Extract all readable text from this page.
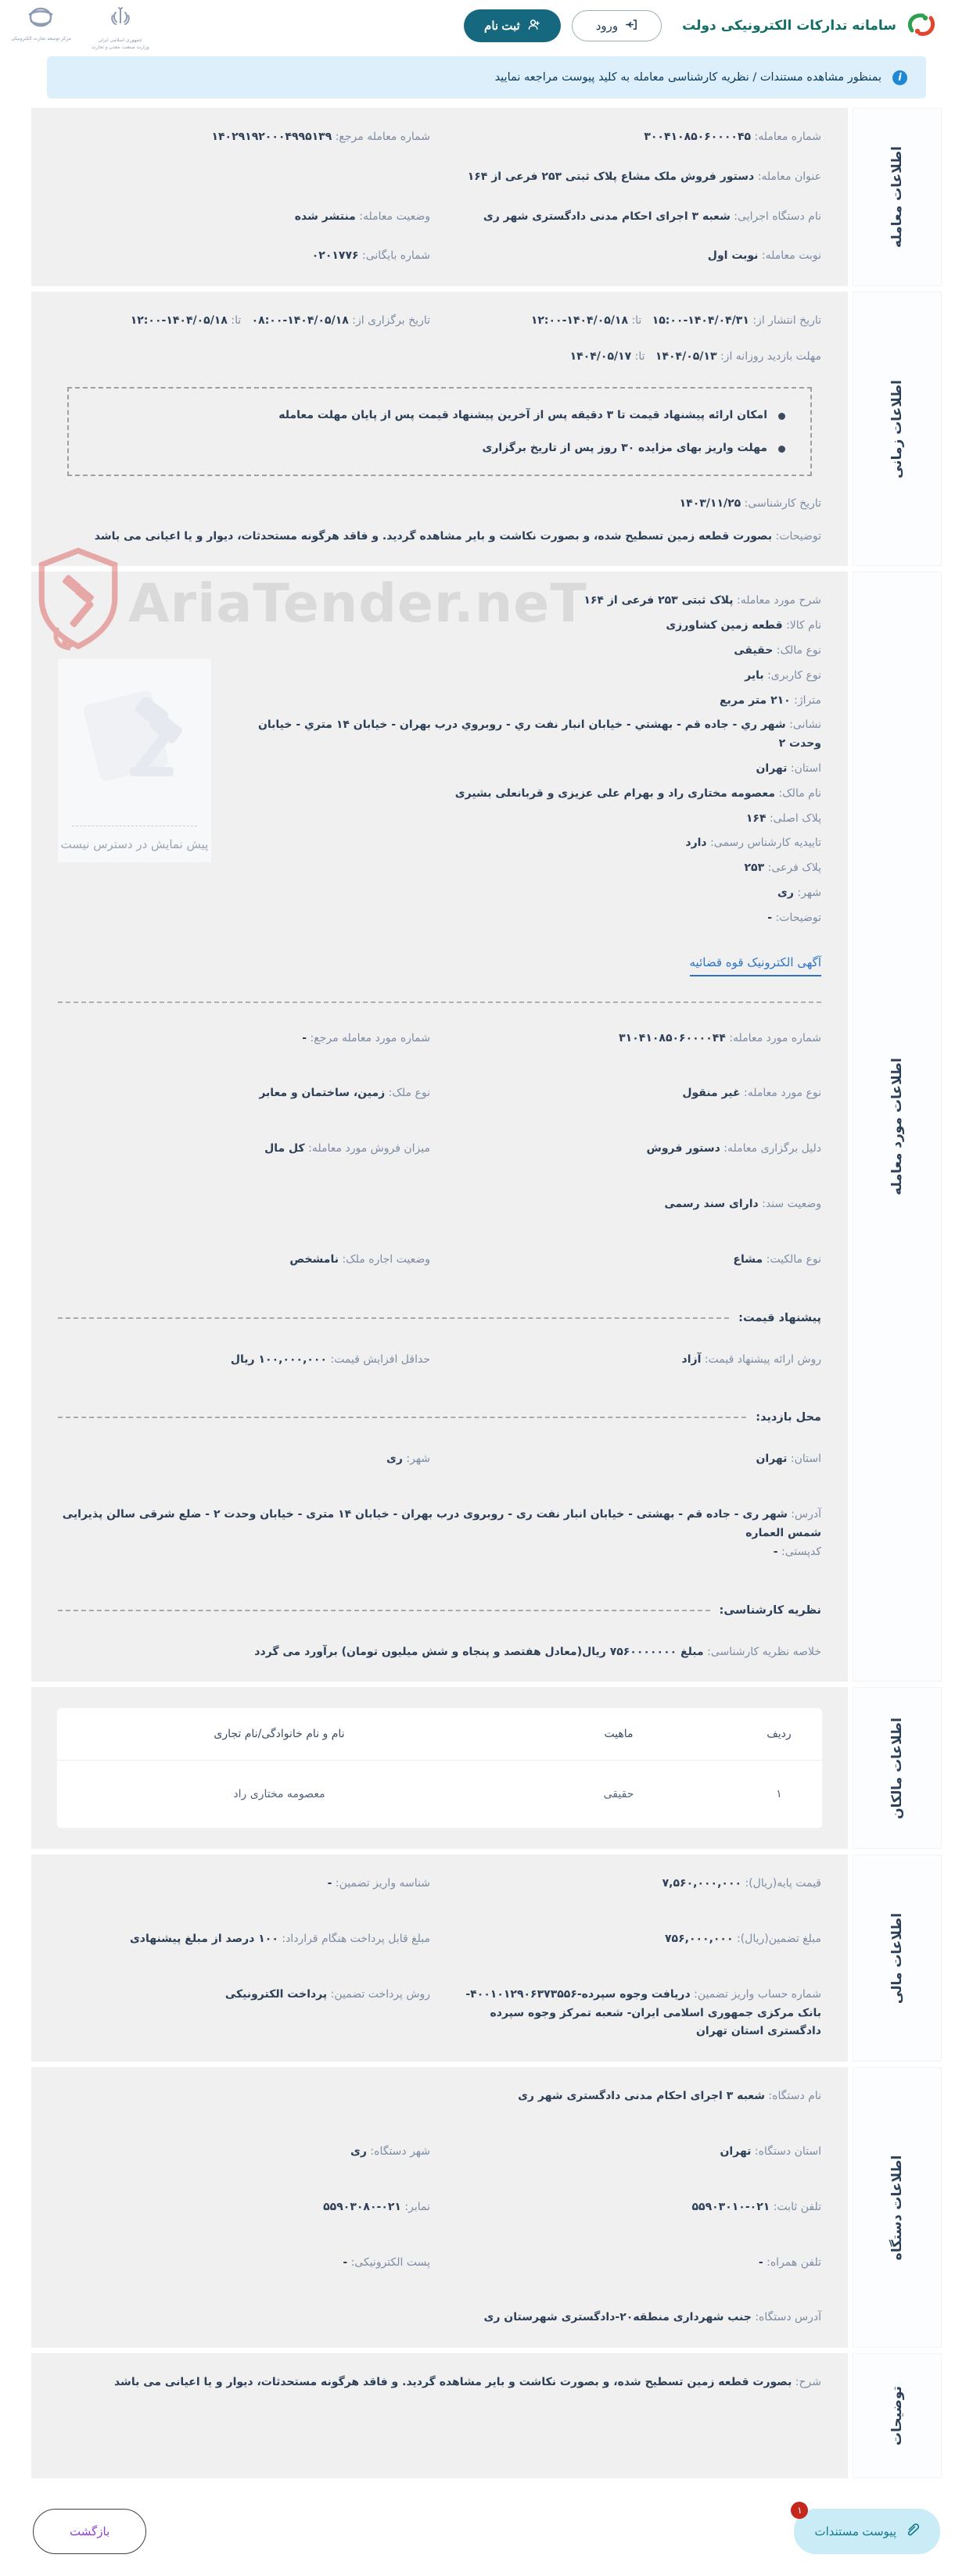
سامانه تدارکات الکترونیکی دولت
ورود
ثبت نام
جمهوری اسلامی ایران
وزارت صنعت، معدن و تجارت
مرکز توسعه تجارت الکترونیکی
i
بمنظور مشاهده مستندات / نظریه کارشناسی معامله به کلید پیوست مراجعه نمایید
اطلاعات معامله
شماره معامله: ۳۰۰۴۱۰۸۵۰۶۰۰۰۰۴۵
شماره معامله مرجع: ۱۴۰۲۹۱۹۲۰۰۰۴۹۹۵۱۳۹
عنوان معامله: دستور فروش ملک مشاع پلاک ثبتی ۲۵۳ فرعی از ۱۶۴
نام دستگاه اجرایی: شعبه ۳ اجرای احکام مدنی دادگستری شهر ری
وضعیت معامله: منتشر شده
نوبت معامله: نوبت اول
شماره بایگانی: ۰۲۰۱۷۷۶
اطلاعات زمانی
تاریخ انتشار از: ۱۴۰۴/۰۴/۳۱-۱۵:۰۰   تا: ۱۴۰۴/۰۵/۱۸-۱۲:۰۰
تاریخ برگزاری از: ۱۴۰۴/۰۵/۱۸-۰۸:۰۰   تا: ۱۴۰۴/۰۵/۱۸-۱۲:۰۰
مهلت بازدید روزانه از: ۱۴۰۴/۰۵/۱۳   تا: ۱۴۰۴/۰۵/۱۷
امکان ارائه پیشنهاد قیمت تا ۳ دقیقه پس از آخرین پیشنهاد قیمت پس از پایان مهلت معامله
مهلت واریز بهای مزایده ۳۰ روز پس از تاریخ برگزاری
تاریخ کارشناسی: ۱۴۰۳/۱۱/۲۵
توضیحات: بصورت قطعه زمین تسطیح شده، و بصورت نکاشت و بایر مشاهده گردید. و فاقد هرگونه مستحدثات، دیوار و یا اعیانی می باشد
اطلاعات مورد معامله
AriaTender.neT	شرح مورد معامله: پلاک ثبتی ۲۵۳ فرعی از ۱۶۴
نام کالا: قطعه زمین کشاورزی
نوع مالک: حقیقی
نوع کاربری: بایر
متراژ: ۲۱۰ متر مربع
نشانی: شهر ري - جاده قم - بهشتي - خيابان انبار نفت ري - روبروي درب بهران - خيابان ۱۴ متري - خيابان وحدت ۲
استان: تهران
نام مالک: معصومه مختاری راد و بهرام علی عزیزی و قربانعلی بشیری
پلاک اصلی: ۱۶۴
تاییدیه کارشناس رسمی: دارد
پلاک فرعی: ۲۵۳
شهر: ری
توضیحات: -
آگهی الکترونیک قوه قضائیه
پیش نمایش در دسترس نیست
شماره مورد معامله: ۳۱۰۴۱۰۸۵۰۶۰۰۰۰۴۴
شماره مورد معامله مرجع: -
نوع مورد معامله: غیر منقول
نوع ملک: زمین، ساختمان و معابر
دلیل برگزاری معامله: دستور فروش
میزان فروش مورد معامله: کل مال
وضعیت سند: دارای سند رسمی
نوع مالکیت: مشاع
وضعیت اجاره ملک: نامشخص
پیشنهاد قیمت:
روش ارائه پیشنهاد قیمت: آزاد
حداقل افزایش قیمت: ۱۰۰,۰۰۰,۰۰۰ ریال
محل بازدید:
استان: تهران
شهر: ری
آدرس: شهر ری - جاده قم - بهشتی - خیابان انبار نفت ری - روبروی درب بهران - خیابان ۱۴ متری - خیابان وحدت ۲ - ضلع شرقی سالن پذیرایی شمس العماره
کدپستی: -
نظریه کارشناسی:
خلاصه نظریه کارشناسی: مبلغ ۷۵۶۰۰۰۰۰۰۰ ریال(معادل هفتصد و پنجاه و شش میلیون تومان) برآورد می گردد
اطلاعات مالکان
ردیف
ماهیت
نام و نام خانوادگی/نام تجاری
۱
حقیقی
معصومه مختاری راد
اطلاعات مالی
قیمت پایه(ریال): ۷,۵۶۰,۰۰۰,۰۰۰
شناسه واریز تضمین: -
مبلغ تضمین(ریال): ۷۵۶,۰۰۰,۰۰۰
مبلغ قابل پرداخت هنگام قرارداد: ۱۰۰ درصد از مبلغ پیشنهادی
شماره حساب واریز تضمین: دریافت وجوه سپرده-۴۰۰۱۰۱۲۹۰۶۳۷۳۵۵۶- بانک مرکزی جمهوری اسلامی ایران- شعبه تمرکز وجوه سپرده دادگستری استان تهران
روش پرداخت تضمین: پرداخت الکترونیکی
اطلاعات دستگاه
نام دستگاه: شعبه ۳ اجرای احکام مدنی دادگستری شهر ری
استان دستگاه: تهران
شهر دستگاه: ری
تلفن ثابت: ۰۲۱-۵۵۹۰۳۰۱۰
نمابر: ۰۲۱-۵۵۹۰۳۰۸۰
تلفن همراه: -
پست الکترونیکی: -
آدرس دستگاه: جنب شهرداری منطقه۲۰-دادگستری شهرستان ری
توضیحات
شرح: بصورت قطعه زمین تسطیح شده، و بصورت نکاشت و بایر مشاهده گردید. و فاقد هرگونه مستحدثات، دیوار و یا اعیانی می باشد
۱
پیوست مستندات
بازگشت
